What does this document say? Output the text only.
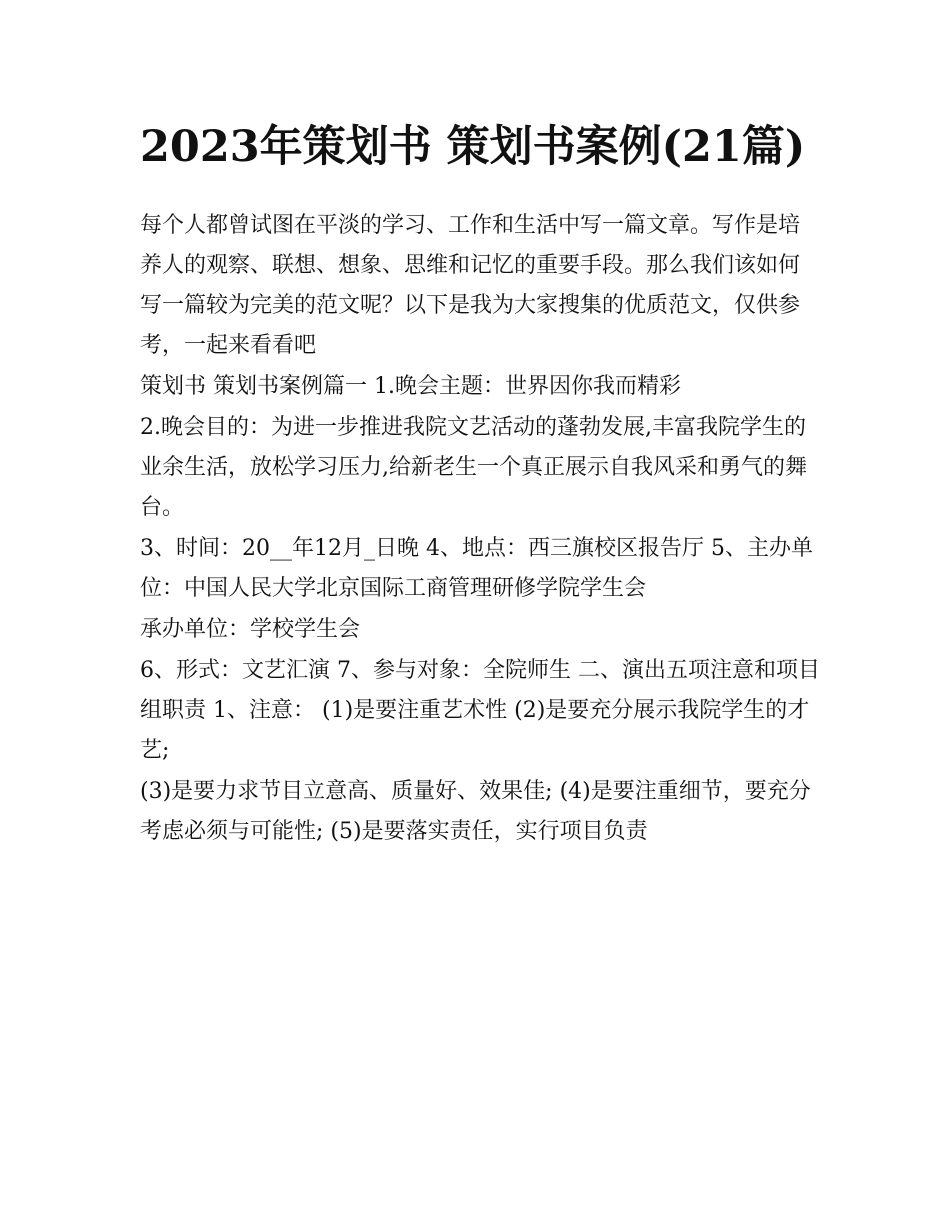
2023年策划书 策划书案例(21篇)

每个人都曾试图在平淡的学习、工作和生活中写一篇文章。写作是培养人的观察、联想、想象、思维和记忆的重要手段。那么我们该如何写一篇较为完美的范文呢？以下是我为大家搜集的优质范文，仅供参考，一起来看看吧

策划书 策划书案例篇一 1.晚会主题：世界因你我而精彩

2.晚会目的：为进一步推进我院文艺活动的蓬勃发展,丰富我院学生的业余生活，放松学习压力,给新老生一个真正展示自我风采和勇气的舞台。

3、时间：20__年12月_日晚 4、地点：西三旗校区报告厅 5、主办单位：中国人民大学北京国际工商管理研修学院学生会

承办单位：学校学生会

6、形式：文艺汇演 7、参与对象：全院师生 二、演出五项注意和项目组职责 1、注意： (1)是要注重艺术性 (2)是要充分展示我院学生的才艺;

(3)是要力求节目立意高、质量好、效果佳; (4)是要注重细节，要充分考虑必须与可能性; (5)是要落实责任，实行项目负责
